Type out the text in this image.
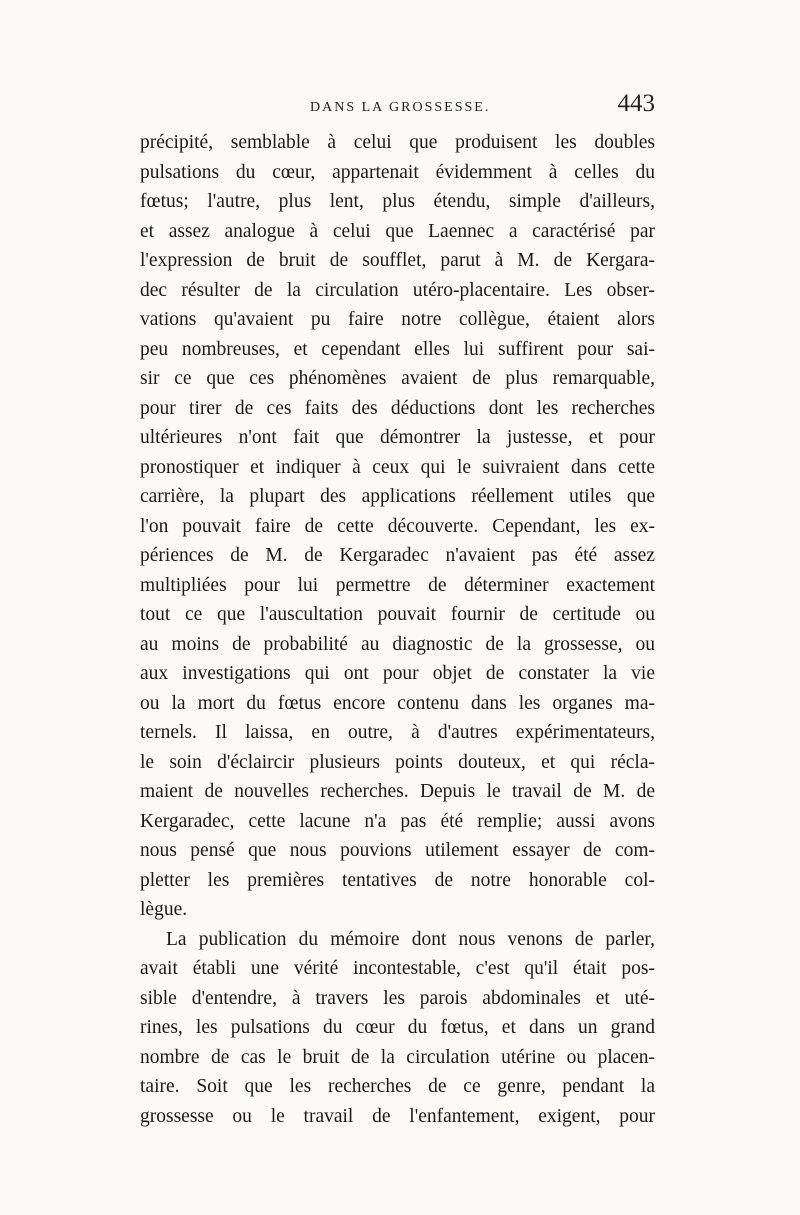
DANS LA GROSSESSE.	443
précipité, semblable à celui que produisent les doubles
pulsations du cœur, appartenait évidemment à celles du
fœtus; l'autre, plus lent, plus étendu, simple d'ailleurs,
et assez analogue à celui que Laennec a caractérisé par
l'expression de bruit de soufflet, parut à M. de Kergara-
dec résulter de la circulation utéro-placentaire. Les obser-
vations qu'avaient pu faire notre collègue, étaient alors
peu nombreuses, et cependant elles lui suffirent pour sai-
sir ce que ces phénomènes avaient de plus remarquable,
pour tirer de ces faits des déductions dont les recherches
ultérieures n'ont fait que démontrer la justesse, et pour
pronostiquer et indiquer à ceux qui le suivraient dans cette
carrière, la plupart des applications réellement utiles que
l'on pouvait faire de cette découverte. Cependant, les ex-
périences de M. de Kergaradec n'avaient pas été assez
multipliées pour lui permettre de déterminer exactement
tout ce que l'auscultation pouvait fournir de certitude ou
au moins de probabilité au diagnostic de la grossesse, ou
aux investigations qui ont pour objet de constater la vie
ou la mort du fœtus encore contenu dans les organes ma-
ternels. Il laissa, en outre, à d'autres expérimentateurs,
le soin d'éclaircir plusieurs points douteux, et qui récla-
maient de nouvelles recherches. Depuis le travail de M. de
Kergaradec, cette lacune n'a pas été remplie; aussi avons
nous pensé que nous pouvions utilement essayer de com-
pletter les premières tentatives de notre honorable col-
lègue.
La publication du mémoire dont nous venons de parler,
avait établi une vérité incontestable, c'est qu'il était pos-
sible d'entendre, à travers les parois abdominales et uté-
rines, les pulsations du cœur du fœtus, et dans un grand
nombre de cas le bruit de la circulation utérine ou placen-
taire. Soit que les recherches de ce genre, pendant la
grossesse ou le travail de l'enfantement, exigent, pour
